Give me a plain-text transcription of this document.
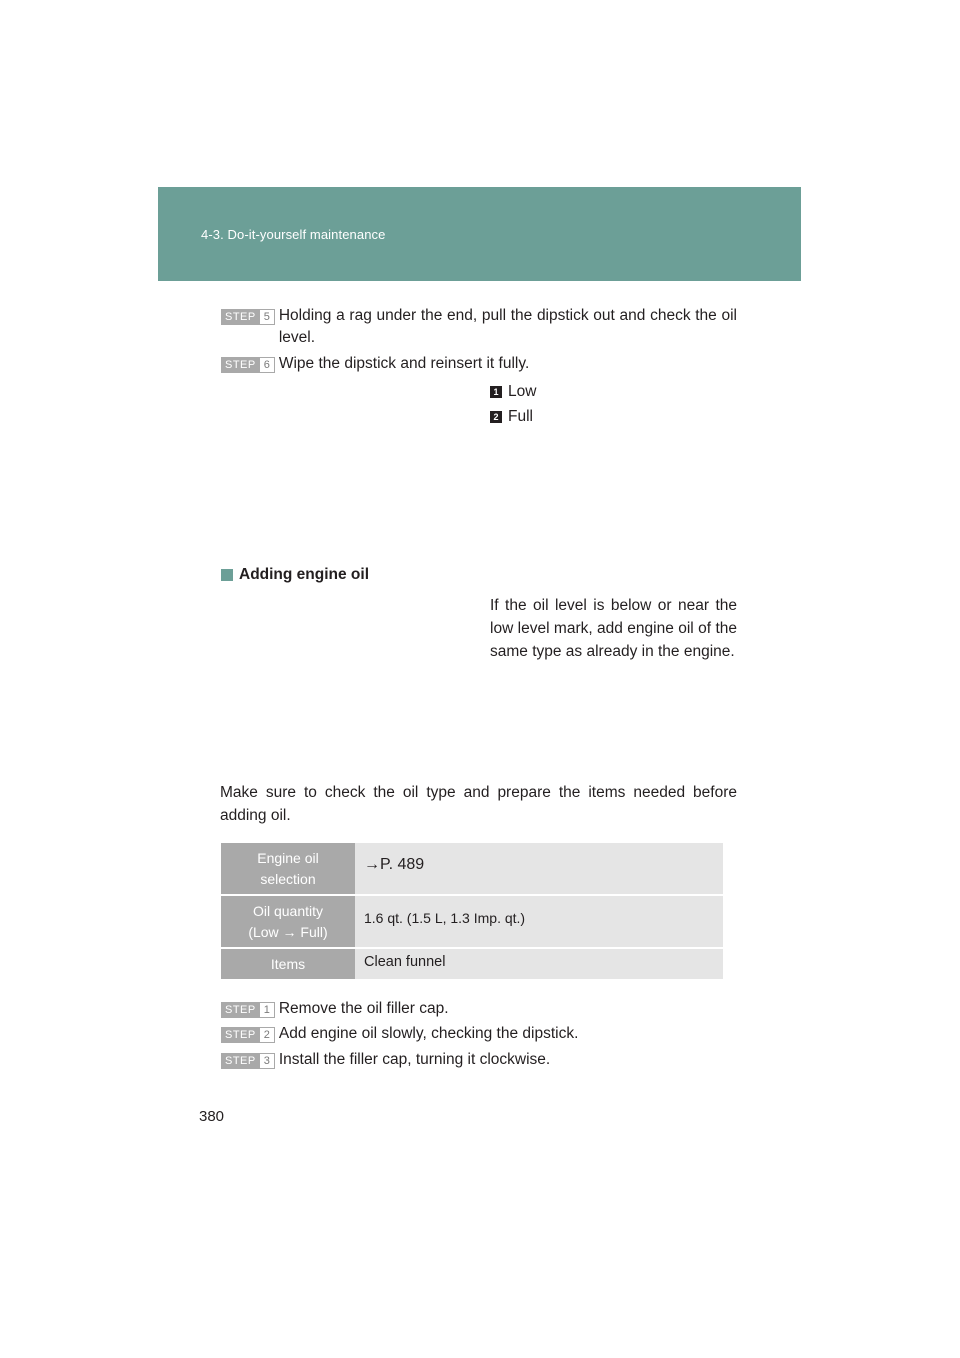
4-3. Do-it-yourself maintenance
STEP 5 Holding a rag under the end, pull the dipstick out and check the oil level.
STEP 6 Wipe the dipstick and reinsert it fully.
1 Low
2 Full
Adding engine oil
If the oil level is below or near the low level mark, add engine oil of the same type as already in the engine.
Make sure to check the oil type and prepare the items needed before adding oil.
Engine oil
selection
→P. 489
Oil quantity
(Low → Full)
1.6 qt. (1.5 L, 1.3 Imp. qt.)
Items	Clean funnel
STEP 1 Remove the oil filler cap.
STEP 2 Add engine oil slowly, checking the dipstick.
STEP 3 Install the filler cap, turning it clockwise.
380
